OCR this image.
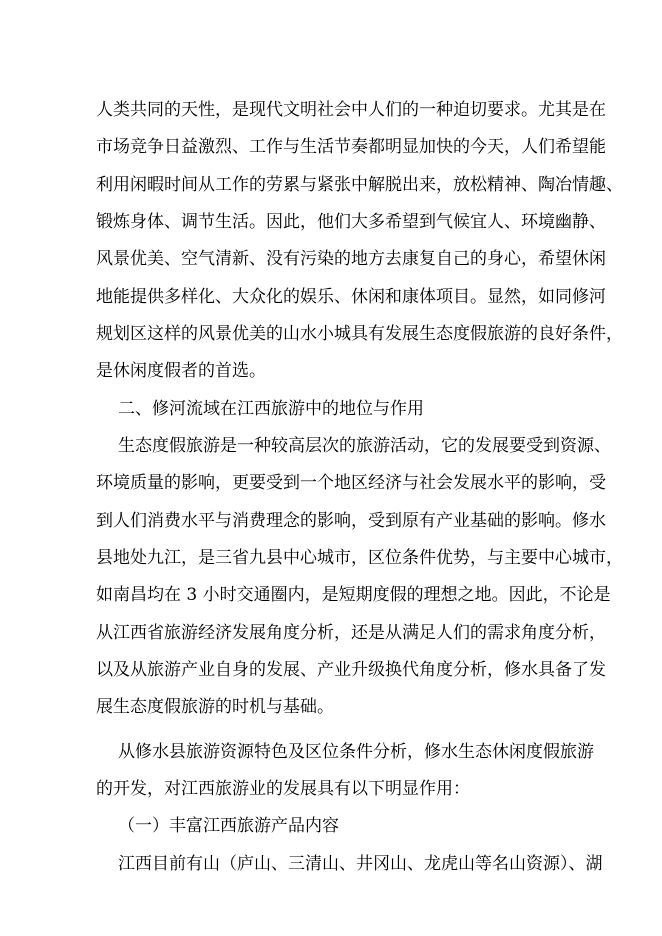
人类共同的天性，是现代文明社会中人们的一种迫切要求。尤其是在
市场竞争日益激烈、工作与生活节奏都明显加快的今天，人们希望能
利用闲暇时间从工作的劳累与紧张中解脱出来，放松精神、陶冶情趣、
锻炼身体、调节生活。因此，他们大多希望到气候宜人、环境幽静、
风景优美、空气清新、没有污染的地方去康复自己的身心，希望休闲
地能提供多样化、大众化的娱乐、休闲和康体项目。显然，如同修河
规划区这样的风景优美的山水小城具有发展生态度假旅游的良好条件，
是休闲度假者的首选。
二、修河流域在江西旅游中的地位与作用
生态度假旅游是一种较高层次的旅游活动，它的发展要受到资源、
环境质量的影响，更要受到一个地区经济与社会发展水平的影响，受
到人们消费水平与消费理念的影响，受到原有产业基础的影响。修水
县地处九江，是三省九县中心城市，区位条件优势，与主要中心城市，
如南昌均在 3 小时交通圈内，是短期度假的理想之地。因此，不论是
从江西省旅游经济发展角度分析，还是从满足人们的需求角度分析，
以及从旅游产业自身的发展、产业升级换代角度分析，修水具备了发
展生态度假旅游的时机与基础。
从修水县旅游资源特色及区位条件分析，修水生态休闲度假旅游
的开发，对江西旅游业的发展具有以下明显作用：
（一）丰富江西旅游产品内容
江西目前有山（庐山、三清山、井冈山、龙虎山等名山资源）、湖
